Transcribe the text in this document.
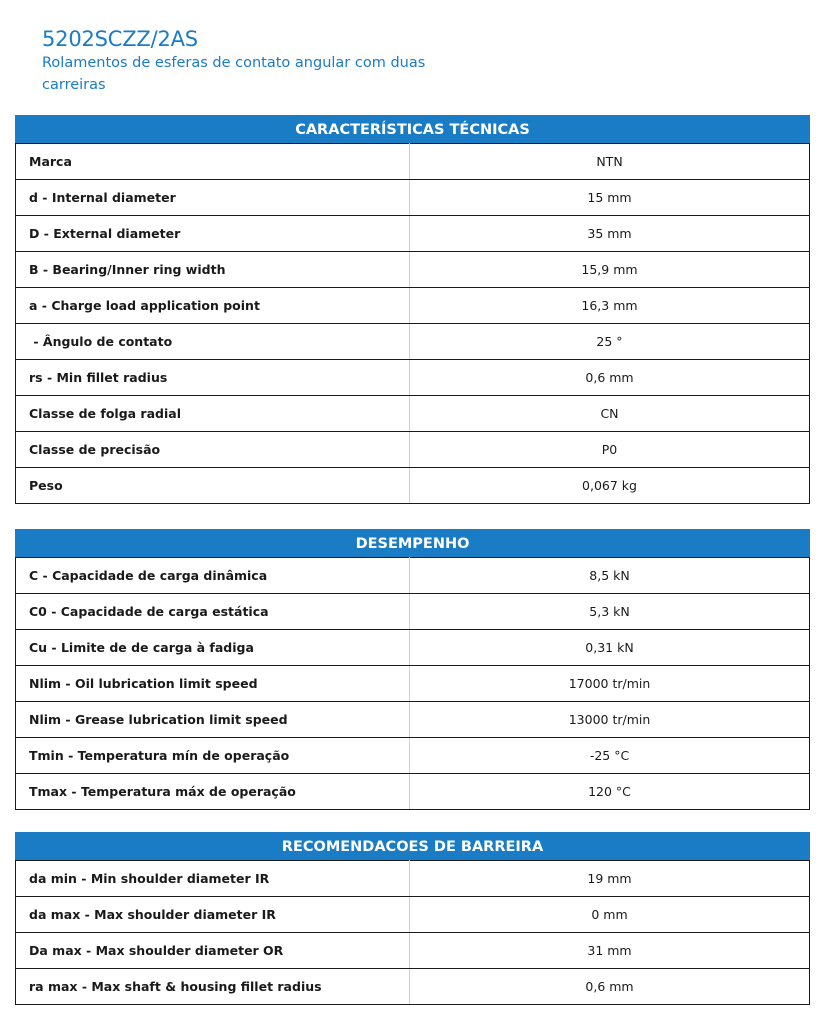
5202SCZZ/2AS

Rolamentos de esferas de contato angular com duas carreiras

CARACTERÍSTICAS TÉCNICAS
Marca	NTN
d - Internal diameter	15 mm
D - External diameter	35 mm
B - Bearing/Inner ring width	15,9 mm
a - Charge load application point	16,3 mm
- Ângulo de contato	25 °
rs - Min fillet radius	0,6 mm
Classe de folga radial	CN
Classe de precisão	P0
Peso	0,067 kg
DESEMPENHO
C - Capacidade de carga dinâmica	8,5 kN
C0 - Capacidade de carga estática	5,3 kN
Cu - Limite de de carga à fadiga	0,31 kN
Nlim - Oil lubrication limit speed	17000 tr/min
Nlim - Grease lubrication limit speed	13000 tr/min
Tmin - Temperatura mín de operação	-25 °C
Tmax - Temperatura máx de operação	120 °C
RECOMENDACOES DE BARREIRA
da min - Min shoulder diameter IR	19 mm
da max - Max shoulder diameter IR	0 mm
Da max - Max shoulder diameter OR	31 mm
ra max - Max shaft & housing fillet radius	0,6 mm
